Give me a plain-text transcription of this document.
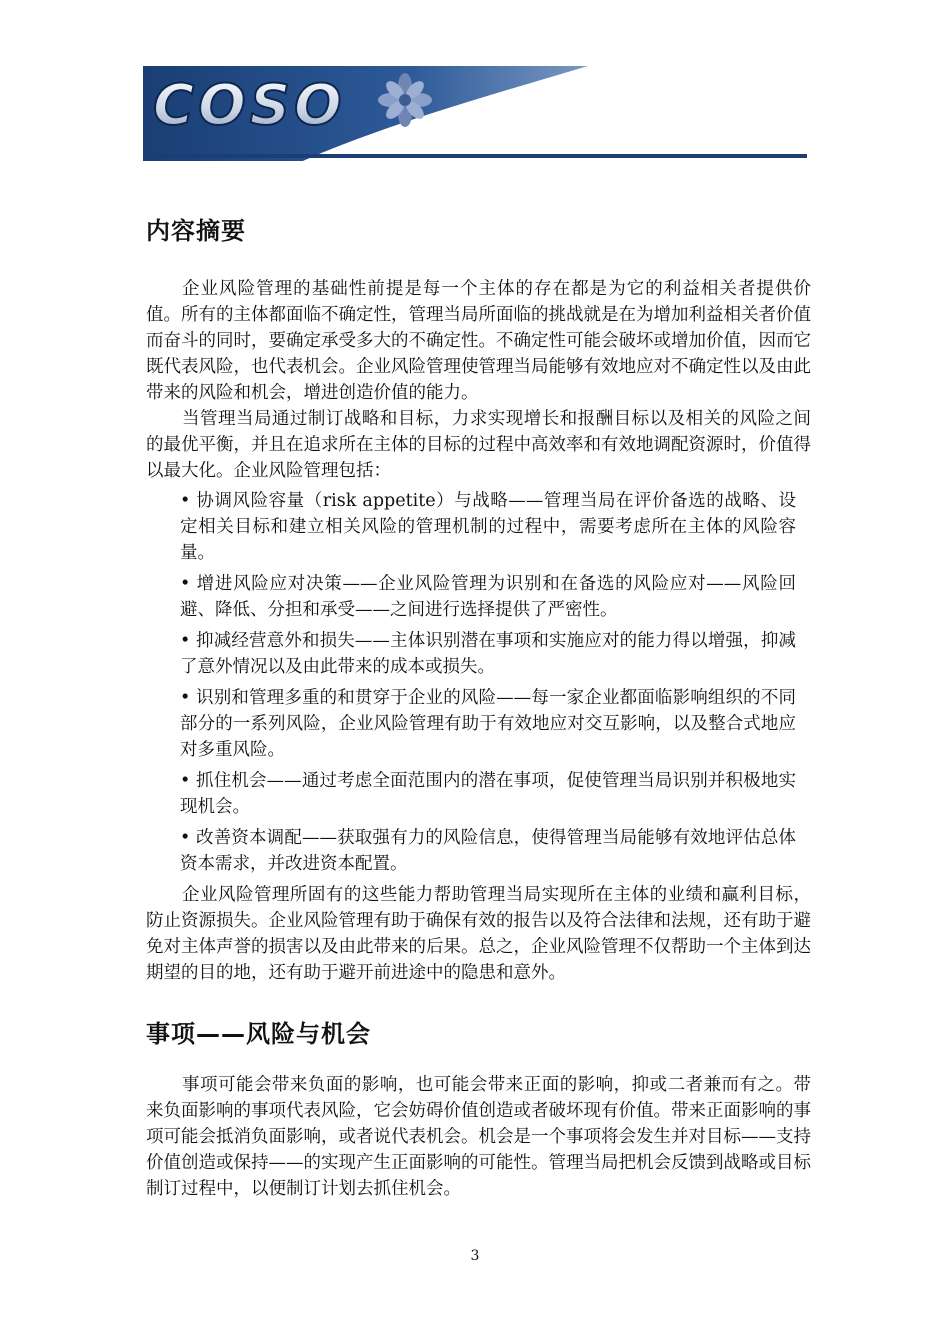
COSO
The Committee of Sponsoring Organizations of the Treadway Commission
内容摘要

企业风险管理的基础性前提是每一个主体的存在都是为它的利益相关者提供价值。所有的主体都面临不确定性，管理当局所面临的挑战就是在为增加利益相关者价值而奋斗的同时，要确定承受多大的不确定性。不确定性可能会破坏或增加价值，因而它既代表风险，也代表机会。企业风险管理使管理当局能够有效地应对不确定性以及由此带来的风险和机会，增进创造价值的能力。

当管理当局通过制订战略和目标，力求实现增长和报酬目标以及相关的风险之间的最优平衡，并且在追求所在主体的目标的过程中高效率和有效地调配资源时，价值得以最大化。企业风险管理包括：

• 协调风险容量（risk appetite）与战略——管理当局在评价备选的战略、设定相关目标和建立相关风险的管理机制的过程中，需要考虑所在主体的风险容量。
• 增进风险应对决策——企业风险管理为识别和在备选的风险应对——风险回避、降低、分担和承受——之间进行选择提供了严密性。
• 抑减经营意外和损失——主体识别潜在事项和实施应对的能力得以增强，抑减了意外情况以及由此带来的成本或损失。
• 识别和管理多重的和贯穿于企业的风险——每一家企业都面临影响组织的不同部分的一系列风险，企业风险管理有助于有效地应对交互影响，以及整合式地应对多重风险。
• 抓住机会——通过考虑全面范围内的潜在事项，促使管理当局识别并积极地实现机会。
• 改善资本调配——获取强有力的风险信息，使得管理当局能够有效地评估总体资本需求，并改进资本配置。

企业风险管理所固有的这些能力帮助管理当局实现所在主体的业绩和赢利目标，防止资源损失。企业风险管理有助于确保有效的报告以及符合法律和法规，还有助于避免对主体声誉的损害以及由此带来的后果。总之，企业风险管理不仅帮助一个主体到达期望的目的地，还有助于避开前进途中的隐患和意外。

事项——风险与机会

事项可能会带来负面的影响，也可能会带来正面的影响，抑或二者兼而有之。带来负面影响的事项代表风险，它会妨碍价值创造或者破坏现有价值。带来正面影响的事项可能会抵消负面影响，或者说代表机会。机会是一个事项将会发生并对目标——支持价值创造或保持——的实现产生正面影响的可能性。管理当局把机会反馈到战略或目标制订过程中，以便制订计划去抓住机会。

3
